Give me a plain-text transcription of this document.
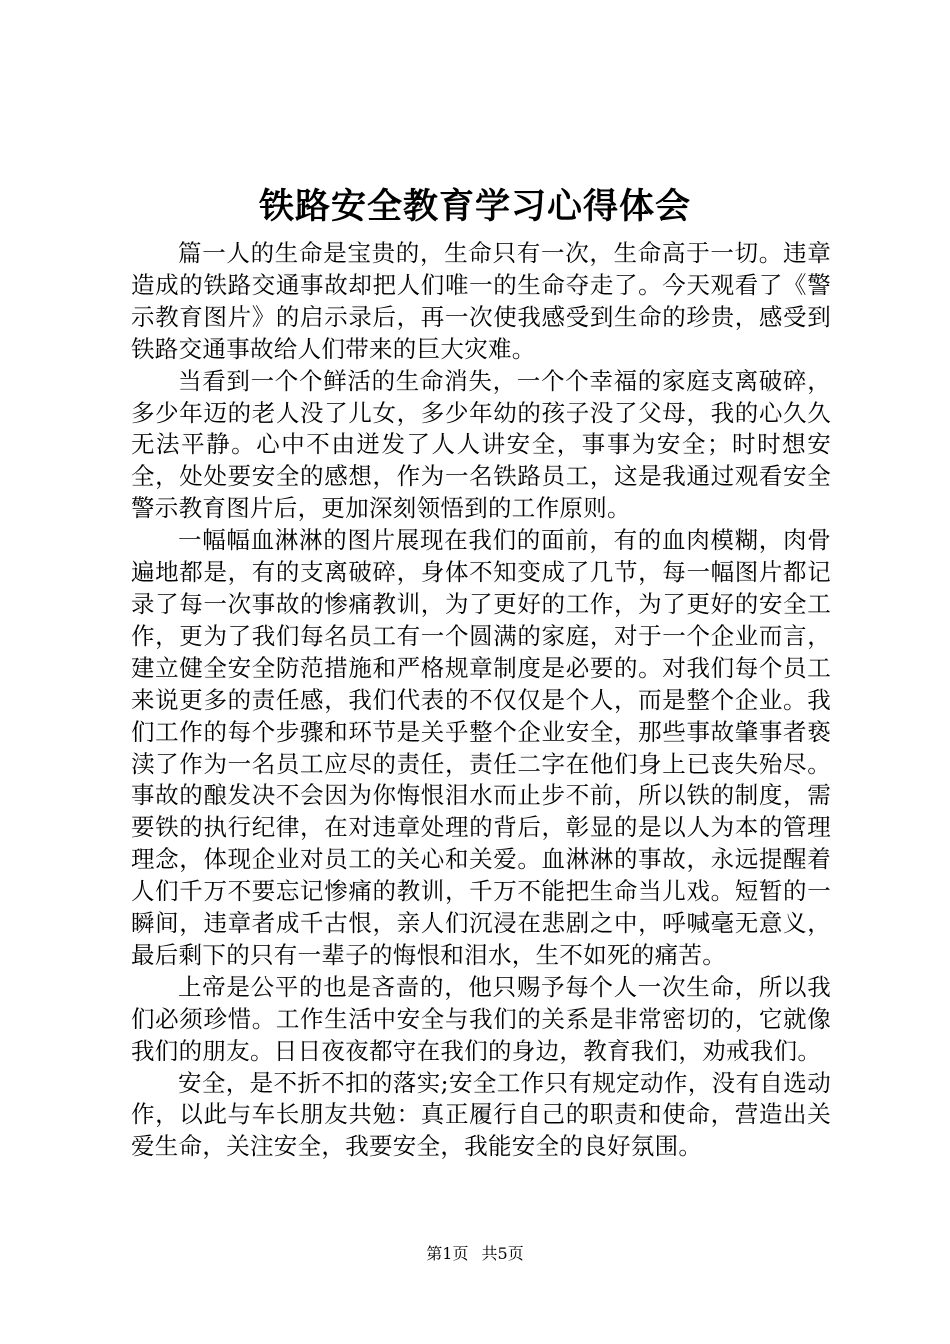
铁路安全教育学习心得体会

篇一人的生命是宝贵的，生命只有一次，生命高于一切。违章造成的铁路交通事故却把人们唯一的生命夺走了。今天观看了《警示教育图片》的启示录后，再一次使我感受到生命的珍贵，感受到铁路交通事故给人们带来的巨大灾难。

当看到一个个鲜活的生命消失，一个个幸福的家庭支离破碎，多少年迈的老人没了儿女，多少年幼的孩子没了父母，我的心久久无法平静。心中不由迸发了人人讲安全，事事为安全；时时想安全，处处要安全的感想，作为一名铁路员工，这是我通过观看安全警示教育图片后，更加深刻领悟到的工作原则。

一幅幅血淋淋的图片展现在我们的面前，有的血肉模糊，肉骨遍地都是，有的支离破碎，身体不知变成了几节，每一幅图片都记录了每一次事故的惨痛教训，为了更好的工作，为了更好的安全工作，更为了我们每名员工有一个圆满的家庭，对于一个企业而言，建立健全安全防范措施和严格规章制度是必要的。对我们每个员工来说更多的责任感，我们代表的不仅仅是个人，而是整个企业。我们工作的每个步骤和环节是关乎整个企业安全，那些事故肇事者亵渎了作为一名员工应尽的责任，责任二字在他们身上已丧失殆尽。事故的酿发决不会因为你悔恨泪水而止步不前，所以铁的制度，需要铁的执行纪律，在对违章处理的背后，彰显的是以人为本的管理理念，体现企业对员工的关心和关爱。血淋淋的事故，永远提醒着人们千万不要忘记惨痛的教训，千万不能把生命当儿戏。短暂的一瞬间，违章者成千古恨，亲人们沉浸在悲剧之中，呼喊毫无意义，最后剩下的只有一辈子的悔恨和泪水，生不如死的痛苦。

上帝是公平的也是吝啬的，他只赐予每个人一次生命，所以我们必须珍惜。工作生活中安全与我们的关系是非常密切的，它就像我们的朋友。日日夜夜都守在我们的身边，教育我们，劝戒我们。

安全，是不折不扣的落实;安全工作只有规定动作，没有自选动作，以此与车长朋友共勉：真正履行自己的职责和使命，营造出关爱生命，关注安全，我要安全，我能安全的良好氛围。

第1页 共5页
